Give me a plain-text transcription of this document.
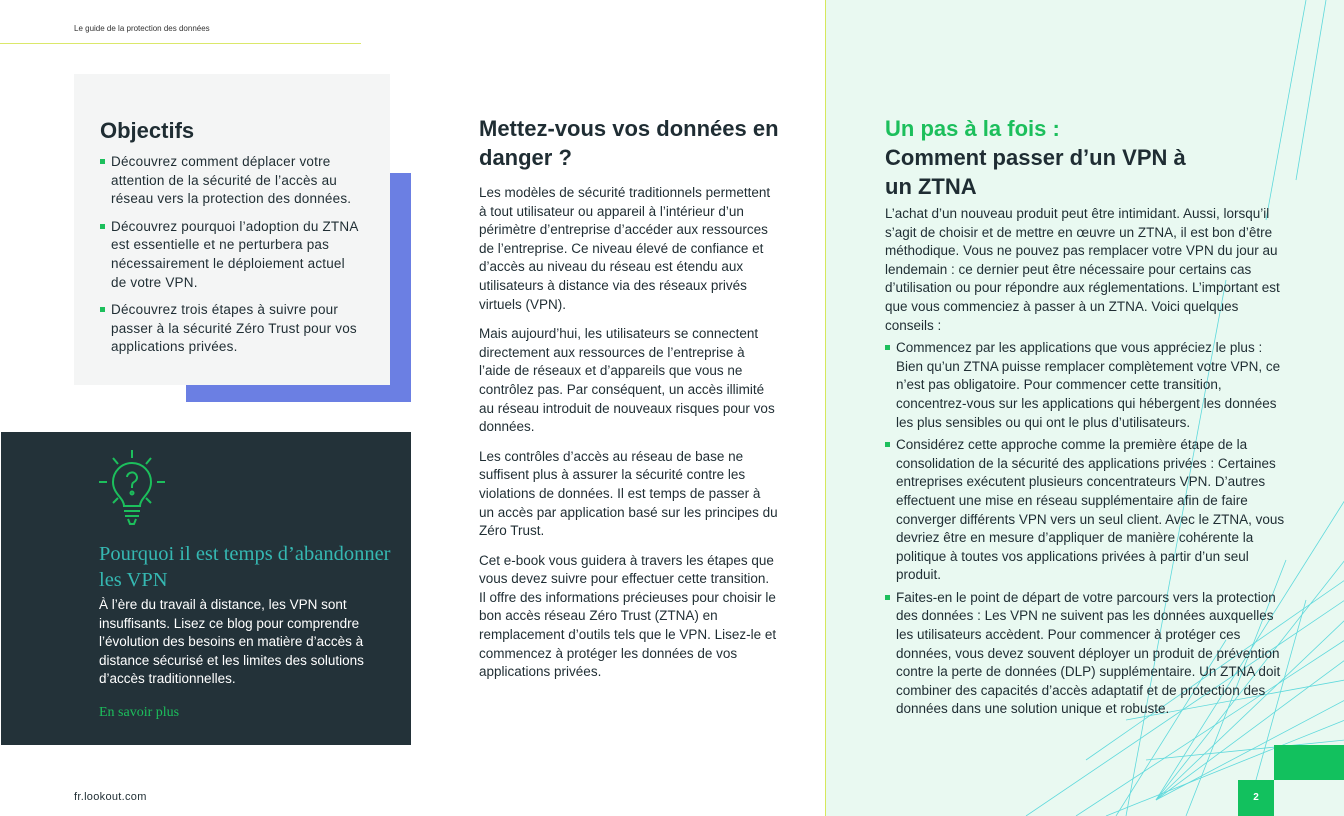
Le guide de la protection des données
Objectifs
Découvrez comment déplacer votre attention de la sécurité de l’accès au réseau vers la protection des données.
Découvrez pourquoi l’adoption du ZTNA est essentielle et ne perturbera pas nécessairement le déploiement actuel de votre VPN.
Découvrez trois étapes à suivre pour passer à la sécurité Zéro Trust pour vos applications privées.
Pourquoi il est temps d’abandonner les VPN

À l’ère du travail à distance, les VPN sont insuffisants. Lisez ce blog pour comprendre l’évolution des besoins en matière d’accès à distance sécurisé et les limites des solutions d’accès traditionnelles.

En savoir plus
fr.lookout.com
Mettez-vous vos données en danger ?

Les modèles de sécurité traditionnels permettent à tout utilisateur ou appareil à l’intérieur d’un périmètre d’entreprise d’accéder aux ressources de l’entreprise. Ce niveau élevé de confiance et d’accès au niveau du réseau est étendu aux utilisateurs à distance via des réseaux privés virtuels (VPN).

Mais aujourd’hui, les utilisateurs se connectent directement aux ressources de l’entreprise à l’aide de réseaux et d’appareils que vous ne contrôlez pas. Par conséquent, un accès illimité au réseau introduit de nouveaux risques pour vos données.

Les contrôles d’accès au réseau de base ne suffisent plus à assurer la sécurité contre les violations de données. Il est temps de passer à un accès par application basé sur les principes du Zéro Trust.

Cet e-book vous guidera à travers les étapes que vous devez suivre pour effectuer cette transition. Il offre des informations précieuses pour choisir le bon accès réseau Zéro Trust (ZTNA) en remplacement d’outils tels que le VPN. Lisez-le et commencez à protéger les données de vos applications privées.

Un pas à la fois :
Comment passer d’un VPN à un ZTNA

L’achat d’un nouveau produit peut être intimidant. Aussi, lorsqu’il s’agit de choisir et de mettre en œuvre un ZTNA, il est bon d’être méthodique. Vous ne pouvez pas remplacer votre VPN du jour au lendemain : ce dernier peut être nécessaire pour certains cas d’utilisation ou pour répondre aux réglementations. L’important est que vous commenciez à passer à un ZTNA. Voici quelques conseils :

Commencez par les applications que vous appréciez le plus : Bien qu’un ZTNA puisse remplacer complètement votre VPN, ce n’est pas obligatoire. Pour commencer cette transition, concentrez-vous sur les applications qui hébergent les données les plus sensibles ou qui ont le plus d’utilisateurs.
Considérez cette approche comme la première étape de la consolidation de la sécurité des applications privées : Certaines entreprises exécutent plusieurs concentrateurs VPN. D’autres effectuent une mise en réseau supplémentaire afin de faire converger différents VPN vers un seul client. Avec le ZTNA, vous devriez être en mesure d’appliquer de manière cohérente la politique à toutes vos applications privées à partir d’un seul produit.
Faites-en le point de départ de votre parcours vers la protection des données : Les VPN ne suivent pas les données auxquelles les utilisateurs accèdent. Pour commencer à protéger ces données, vous devez souvent déployer un produit de prévention contre la perte de données (DLP) supplémentaire. Un ZTNA doit combiner des capacités d’accès adaptatif et de protection des données dans une solution unique et robuste.
2
